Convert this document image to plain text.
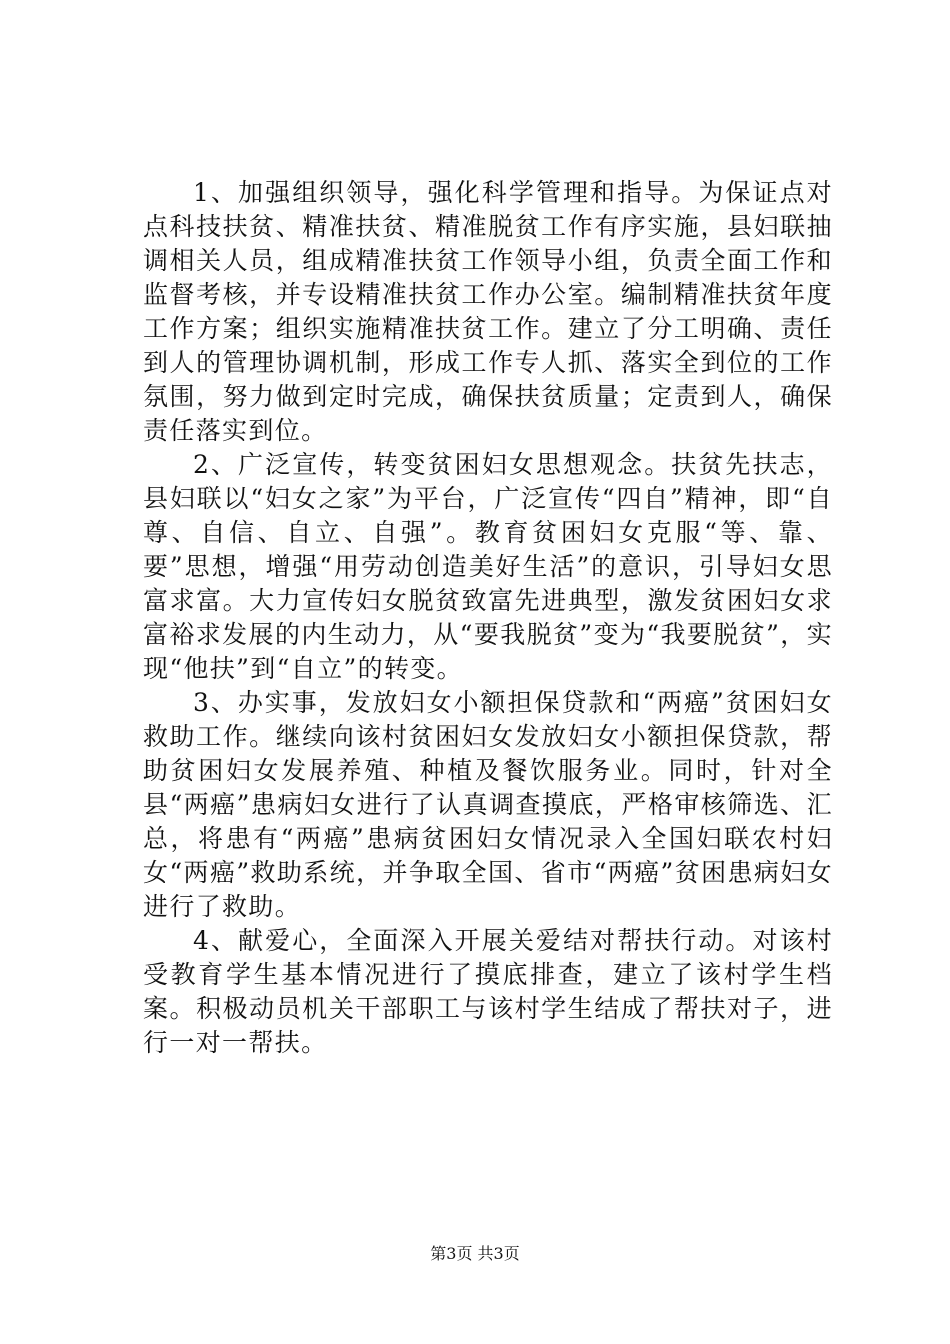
1、加强组织领导，强化科学管理和指导。为保证点对点科技扶贫、精准扶贫、精准脱贫工作有序实施，县妇联抽调相关人员，组成精准扶贫工作领导小组，负责全面工作和监督考核，并专设精准扶贫工作办公室。编制精准扶贫年度工作方案；组织实施精准扶贫工作。建立了分工明确、责任到人的管理协调机制，形成工作专人抓、落实全到位的工作氛围，努力做到定时完成，确保扶贫质量；定责到人，确保责任落实到位。

2、广泛宣传，转变贫困妇女思想观念。扶贫先扶志，县妇联以“妇女之家”为平台，广泛宣传“四自”精神，即“自尊、自信、自立、自强”。教育贫困妇女克服“等、靠、要”思想，增强“用劳动创造美好生活”的意识，引导妇女思富求富。大力宣传妇女脱贫致富先进典型，激发贫困妇女求富裕求发展的内生动力，从“要我脱贫”变为“我要脱贫”，实现“他扶”到“自立”的转变。

3、办实事，发放妇女小额担保贷款和“两癌”贫困妇女救助工作。继续向该村贫困妇女发放妇女小额担保贷款，帮助贫困妇女发展养殖、种植及餐饮服务业。同时，针对全县“两癌”患病妇女进行了认真调查摸底，严格审核筛选、汇总，将患有“两癌”患病贫困妇女情况录入全国妇联农村妇女“两癌”救助系统，并争取全国、省市“两癌”贫困患病妇女进行了救助。

4、献爱心，全面深入开展关爱结对帮扶行动。对该村受教育学生基本情况进行了摸底排查，建立了该村学生档案。积极动员机关干部职工与该村学生结成了帮扶对子，进行一对一帮扶。

第3页 共3页
